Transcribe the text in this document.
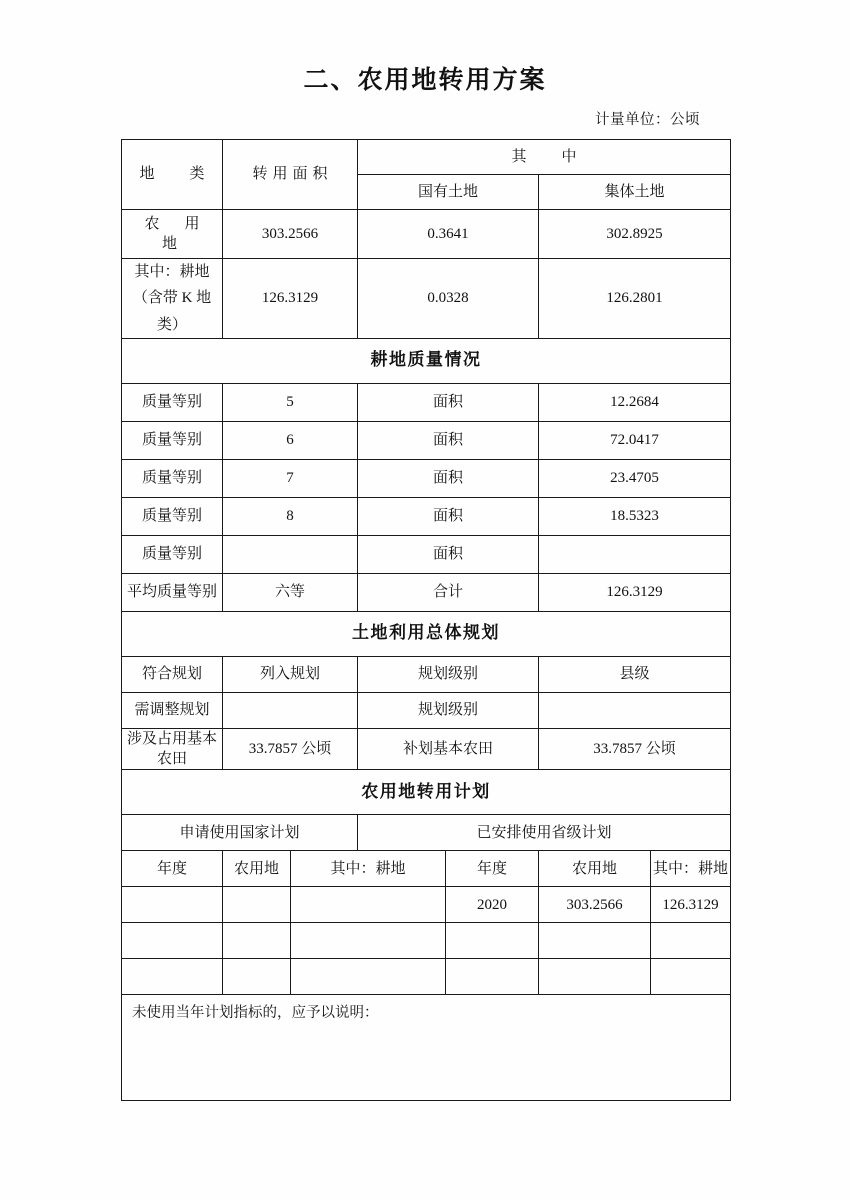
二、农用地转用方案
计量单位：公顷
地　类	转用面积		其　中			
			国有土地		集体土地	
农　用　地	303.2566		0.3641		302.8925	

其中：耕地
（含带 K 地类）	126.3129		0.0328		126.2801	
耕地质量情况						
质量等别	5		面积		12.2684	
质量等别	6		面积		72.0417	
质量等别	7		面积		23.4705	
质量等别	8		面积		18.5323	
质量等别			面积			
平均质量等别	六等		合计		126.3129	
土地利用总体规划						
符合规划	列入规划		规划级别		县级	
需调整规划			规划级别			
涉及占用基本农田	33.7857 公顷		补划基本农田		33.7857 公顷	
农用地转用计划						
申请使用国家计划			已安排使用省级计划			
年度	农用地	其中：耕地		年度	农用地	其中：耕地
				2020	303.2566	126.3129

未使用当年计划指标的，应予以说明：						
